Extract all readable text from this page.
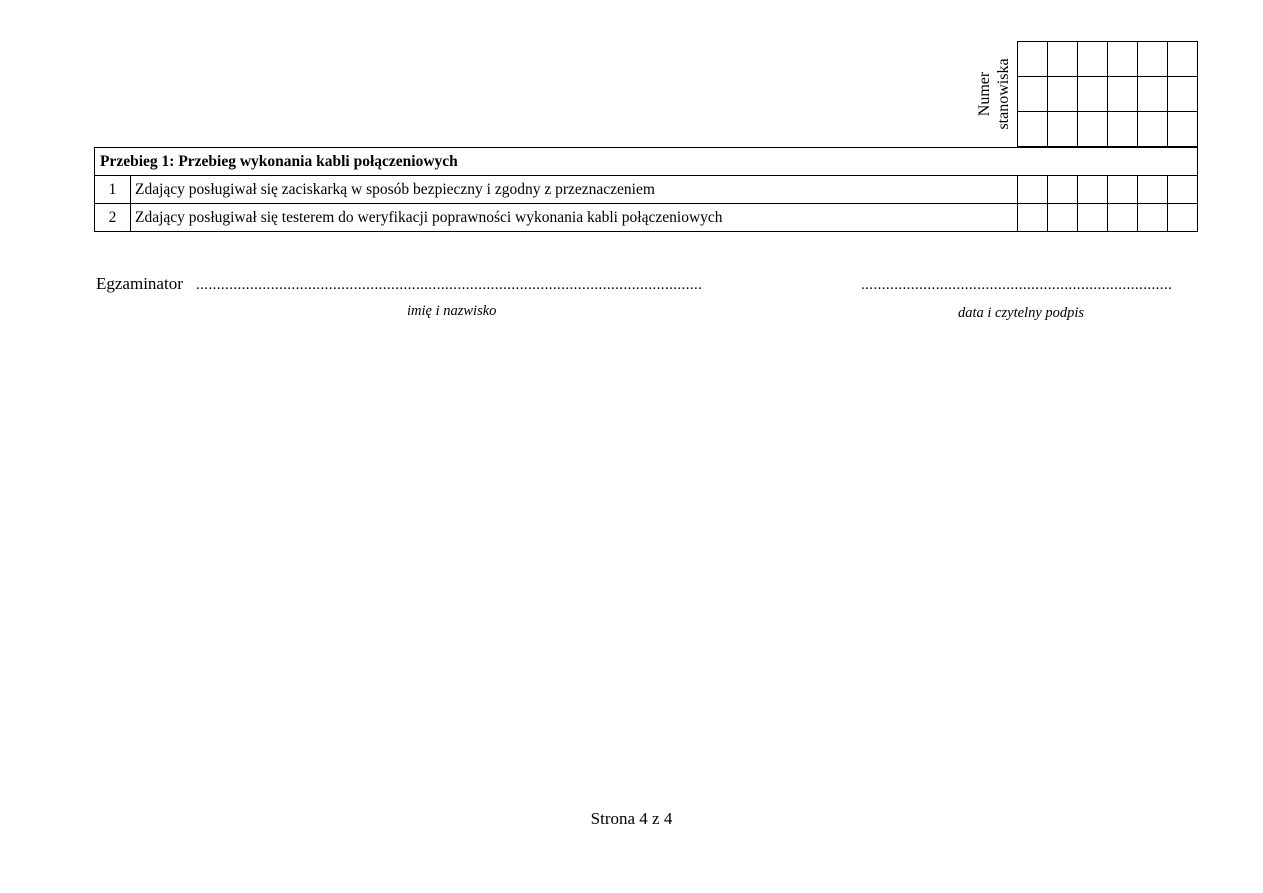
Numer stanowiska

Przebieg 1: Przebieg wykonania kabli połączeniowych							
1	Zdający posługiwał się zaciskarką w sposób bezpieczny i zgodny z przeznaczeniem						
2	Zdający posługiwał się testerem do weryfikacji poprawności wykonania kabli połączeniowych						
Egzaminator ..........................................................................................................................
imię i nazwisko
...........................................................................
data i czytelny podpis
Strona 4 z 4
